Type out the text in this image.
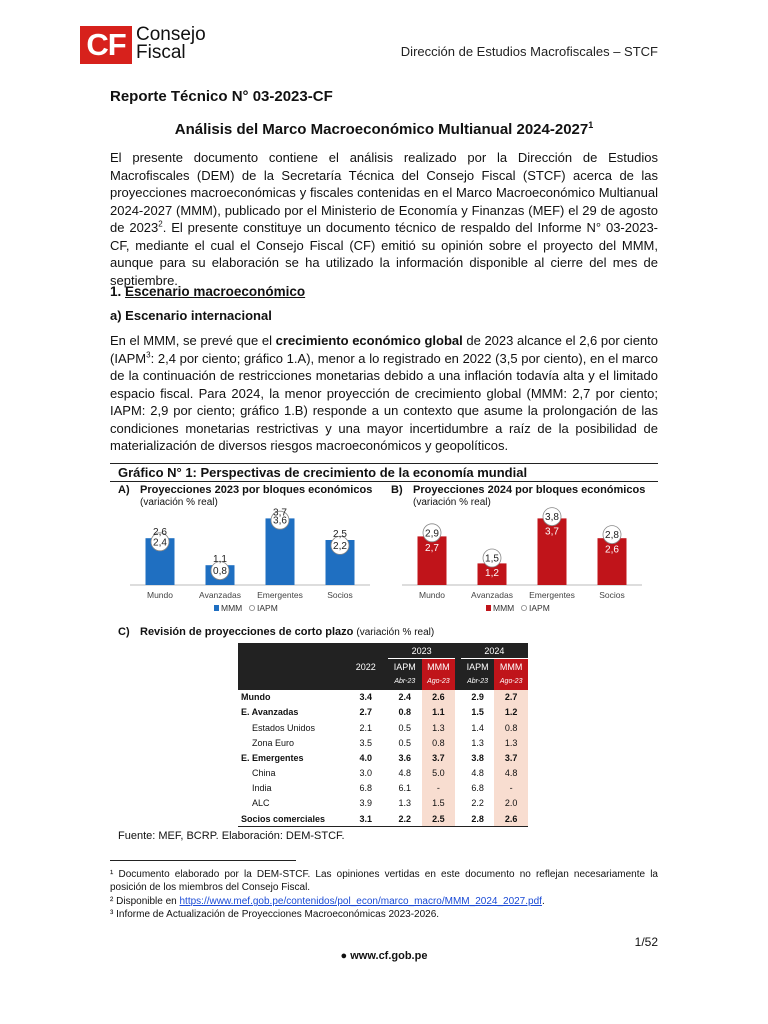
CF Consejo
Fiscal	Dirección de Estudios Macrofiscales – STCF
Reporte Técnico N° 03-2023-CF
Análisis del Marco Macroeconómico Multianual 2024-2027$^1$
El presente documento contiene el análisis realizado por la Dirección de Estudios Macrofiscales (DEM) de la Secretaría Técnica del Consejo Fiscal (STCF) acerca de las proyecciones macroeconómicas y fiscales contenidas en el Marco Macroeconómico Multianual 2024-2027 (MMM), publicado por el Ministerio de Economía y Finanzas (MEF) el 29 de agosto de 2023$^2$. El presente constituye un documento técnico de respaldo del Informe N° 03-2023-CF, mediante el cual el Consejo Fiscal (CF) emitió su opinión sobre el proyecto del MMM, aunque para su elaboración se ha utilizado la información disponible al cierre del mes de septiembre.
1. Escenario macroeconómico
a) Escenario internacional
En el MMM, se prevé que el crecimiento económico global de 2023 alcance el 2,6 por ciento (IAPM$^3$: 2,4 por ciento; gráfico 1.A), menor a lo registrado en 2022 (3,5 por ciento), en el marco de la continuación de restricciones monetarias debido a una inflación todavía alta y el limitado espacio fiscal. Para 2024, la menor proyección de crecimiento global (MMM: 2,7 por ciento; IAPM: 2,9 por ciento; gráfico 1.B) responde a un contexto que asume la prolongación de las condiciones monetarias restrictivas y una mayor incertidumbre a raíz de la posibilidad de materialización de diversos riesgos macroeconómicos y geopolíticos.
Gráfico N° 1: Perspectivas de crecimiento de la economía mundial
A) Proyecciones 2023 por bloques económicos
(variación % real)
B) Proyecciones 2024 por bloques económicos
(variación % real)
2,4
2,6
Mundo
0,8
1,1
Avanzadas
3,6
3,7
Emergentes
2,2
2,5
Socios
MMM IAPM
2,9
2,7
Mundo
1,5
1,2
Avanzadas
3,8
3,7
Emergentes
2,8
2,6
Socios
MMM IAPM
C) Revisión de proyecciones de corto plazo (variación % real)
			2023			2024	
	2022		IAPM	MMM		IAPM	MMM
			Abr-23	Ago-23		Abr-23	Ago-23
Mundo	3.4		2.4	2.6		2.9	2.7
E. Avanzadas	2.7		0.8	1.1		1.5	1.2
Estados Unidos	2.1		0.5	1.3		1.4	0.8
Zona Euro	3.5		0.5	0.8		1.3	1.3
E. Emergentes	4.0		3.6	3.7		3.8	3.7
China	3.0		4.8	5.0		4.8	4.8
India	6.8		6.1	-		6.8	-
ALC	3.9		1.3	1.5		2.2	2.0
Socios comerciales	3.1		2.2	2.5		2.8	2.6
Fuente: MEF, BCRP. Elaboración: DEM-STCF.
¹ Documento elaborado por la DEM-STCF. Las opiniones vertidas en este documento no reflejan necesariamente la posición de los miembros del Consejo Fiscal.
² Disponible en https://www.mef.gob.pe/contenidos/pol_econ/marco_macro/MMM_2024_2027.pdf.
³ Informe de Actualización de Proyecciones Macroeconómicas 2023-2026.
1/52
● www.cf.gob.pe
